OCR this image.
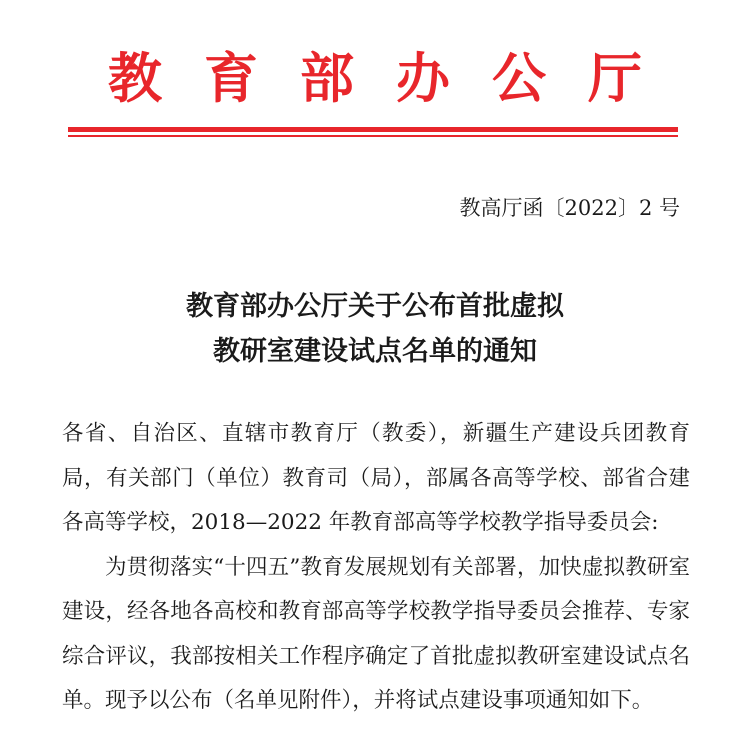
教 育 部 办 公 厅
教高厅函〔2022〕2 号
教育部办公厅关于公布首批虚拟
教研室建设试点名单的通知

各省、自治区、直辖市教育厅（教委），新疆生产建设兵团教育局，有关部门（单位）教育司（局），部属各高等学校、部省合建各高等学校，2018—2022 年教育部高等学校教学指导委员会:

为贯彻落实“十四五”教育发展规划有关部署，加快虚拟教研室建设，经各地各高校和教育部高等学校教学指导委员会推荐、专家综合评议，我部按相关工作程序确定了首批虚拟教研室建设试点名单。现予以公布（名单见附件），并将试点建设事项通知如下。
